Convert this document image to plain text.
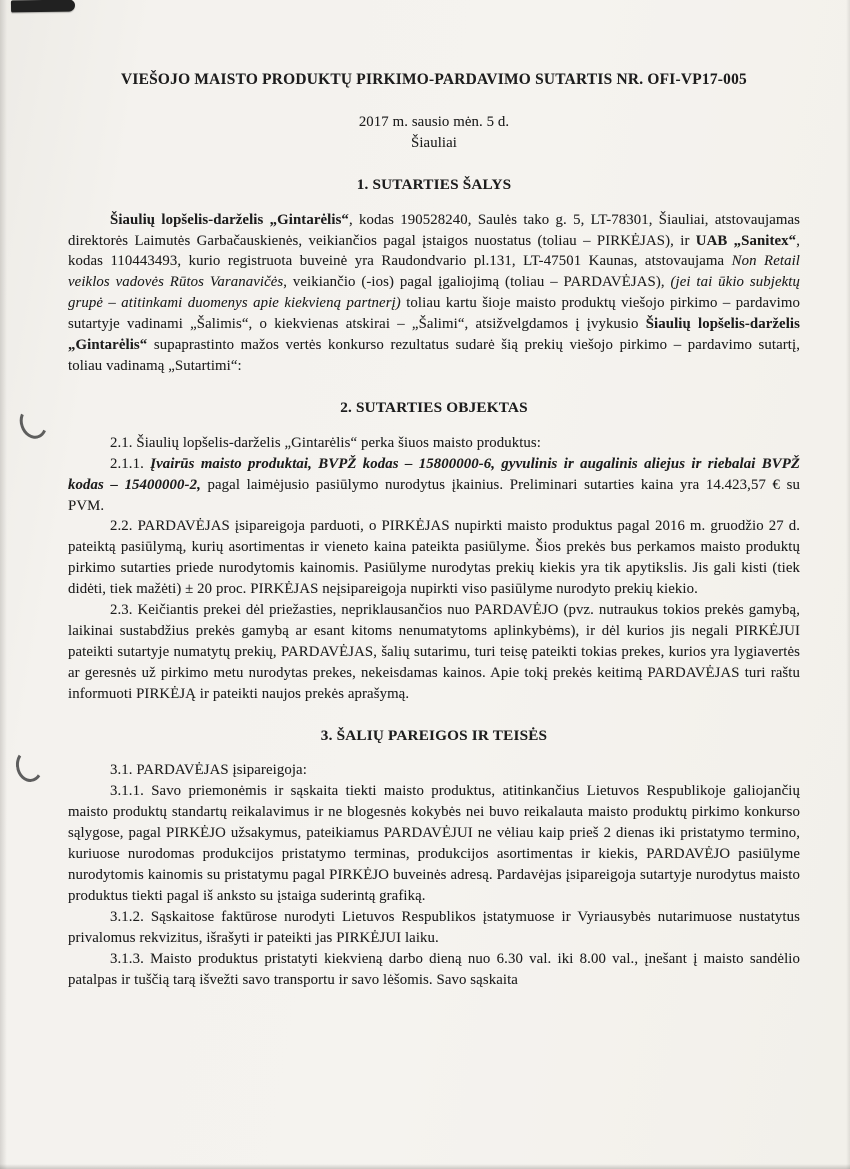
VIEŠOJO MAISTO PRODUKTŲ PIRKIMO-PARDAVIMO SUTARTIS NR. OFI-VP17-005

2017 m. sausio mėn. 5 d.

Šiauliai

1. SUTARTIES ŠALYS

Šiaulių lopšelis-darželis „Gintarėlis“, kodas 190528240, Saulės tako g. 5, LT-78301, Šiauliai, atstovaujamas direktorės Laimutės Garbačauskienės, veikiančios pagal įstaigos nuostatus (toliau – PIRKĖJAS), ir UAB „Sanitex“, kodas 110443493, kurio registruota buveinė yra Raudondvario pl.131, LT-47501 Kaunas, atstovaujama Non Retail veiklos vadovės Rūtos Varanavičės, veikiančio (-ios) pagal įgaliojimą (toliau – PARDAVĖJAS), (jei tai ūkio subjektų grupė – atitinkami duomenys apie kiekvieną partnerį) toliau kartu šioje maisto produktų viešojo pirkimo – pardavimo sutartyje vadinami „Šalimis“, o kiekvienas atskirai – „Šalimi“, atsižvelgdamos į įvykusio Šiaulių lopšelis-darželis „Gintarėlis“ supaprastinto mažos vertės konkurso rezultatus sudarė šią prekių viešojo pirkimo – pardavimo sutartį, toliau vadinamą „Sutartimi“:

2. SUTARTIES OBJEKTAS

2.1. Šiaulių lopšelis-darželis „Gintarėlis“ perka šiuos maisto produktus:

2.1.1. Įvairūs maisto produktai, BVPŽ kodas – 15800000-6, gyvulinis ir augalinis aliejus ir riebalai BVPŽ kodas – 15400000-2, pagal laimėjusio pasiūlymo nurodytus įkainius. Preliminari sutarties kaina yra 14.423,57 € su PVM.

2.2. PARDAVĖJAS įsipareigoja parduoti, o PIRKĖJAS nupirkti maisto produktus pagal 2016 m. gruodžio 27 d. pateiktą pasiūlymą, kurių asortimentas ir vieneto kaina pateikta pasiūlyme. Šios prekės bus perkamos maisto produktų pirkimo sutarties priede nurodytomis kainomis. Pasiūlyme nurodytas prekių kiekis yra tik apytikslis. Jis gali kisti (tiek didėti, tiek mažėti) ± 20 proc. PIRKĖJAS neįsipareigoja nupirkti viso pasiūlyme nurodyto prekių kiekio.

2.3. Keičiantis prekei dėl priežasties, nepriklausančios nuo PARDAVĖJO (pvz. nutraukus tokios prekės gamybą, laikinai sustabdžius prekės gamybą ar esant kitoms nenumatytoms aplinkybėms), ir dėl kurios jis negali PIRKĖJUI pateikti sutartyje numatytų prekių, PARDAVĖJAS, šalių sutarimu, turi teisę pateikti tokias prekes, kurios yra lygiavertės ar geresnės už pirkimo metu nurodytas prekes, nekeisdamas kainos. Apie tokį prekės keitimą PARDAVĖJAS turi raštu informuoti PIRKĖJĄ ir pateikti naujos prekės aprašymą.

3. ŠALIŲ PAREIGOS IR TEISĖS

3.1. PARDAVĖJAS įsipareigoja:

3.1.1. Savo priemonėmis ir sąskaita tiekti maisto produktus, atitinkančius Lietuvos Respublikoje galiojančių maisto produktų standartų reikalavimus ir ne blogesnės kokybės nei buvo reikalauta maisto produktų pirkimo konkurso sąlygose, pagal PIRKĖJO užsakymus, pateikiamus PARDAVĖJUI ne vėliau kaip prieš 2 dienas iki pristatymo termino, kuriuose nurodomas produkcijos pristatymo terminas, produkcijos asortimentas ir kiekis, PARDAVĖJO pasiūlyme nurodytomis kainomis su pristatymu pagal PIRKĖJO buveinės adresą. Pardavėjas įsipareigoja sutartyje nurodytus maisto produktus tiekti pagal iš anksto su įstaiga suderintą grafiką.

3.1.2. Sąskaitose faktūrose nurodyti Lietuvos Respublikos įstatymuose ir Vyriausybės nutarimuose nustatytus privalomus rekvizitus, išrašyti ir pateikti jas PIRKĖJUI laiku.

3.1.3. Maisto produktus pristatyti kiekvieną darbo dieną nuo 6.30 val. iki 8.00 val., įnešant į maisto sandėlio patalpas ir tuščią tarą išvežti savo transportu ir savo lėšomis. Savo sąskaita
